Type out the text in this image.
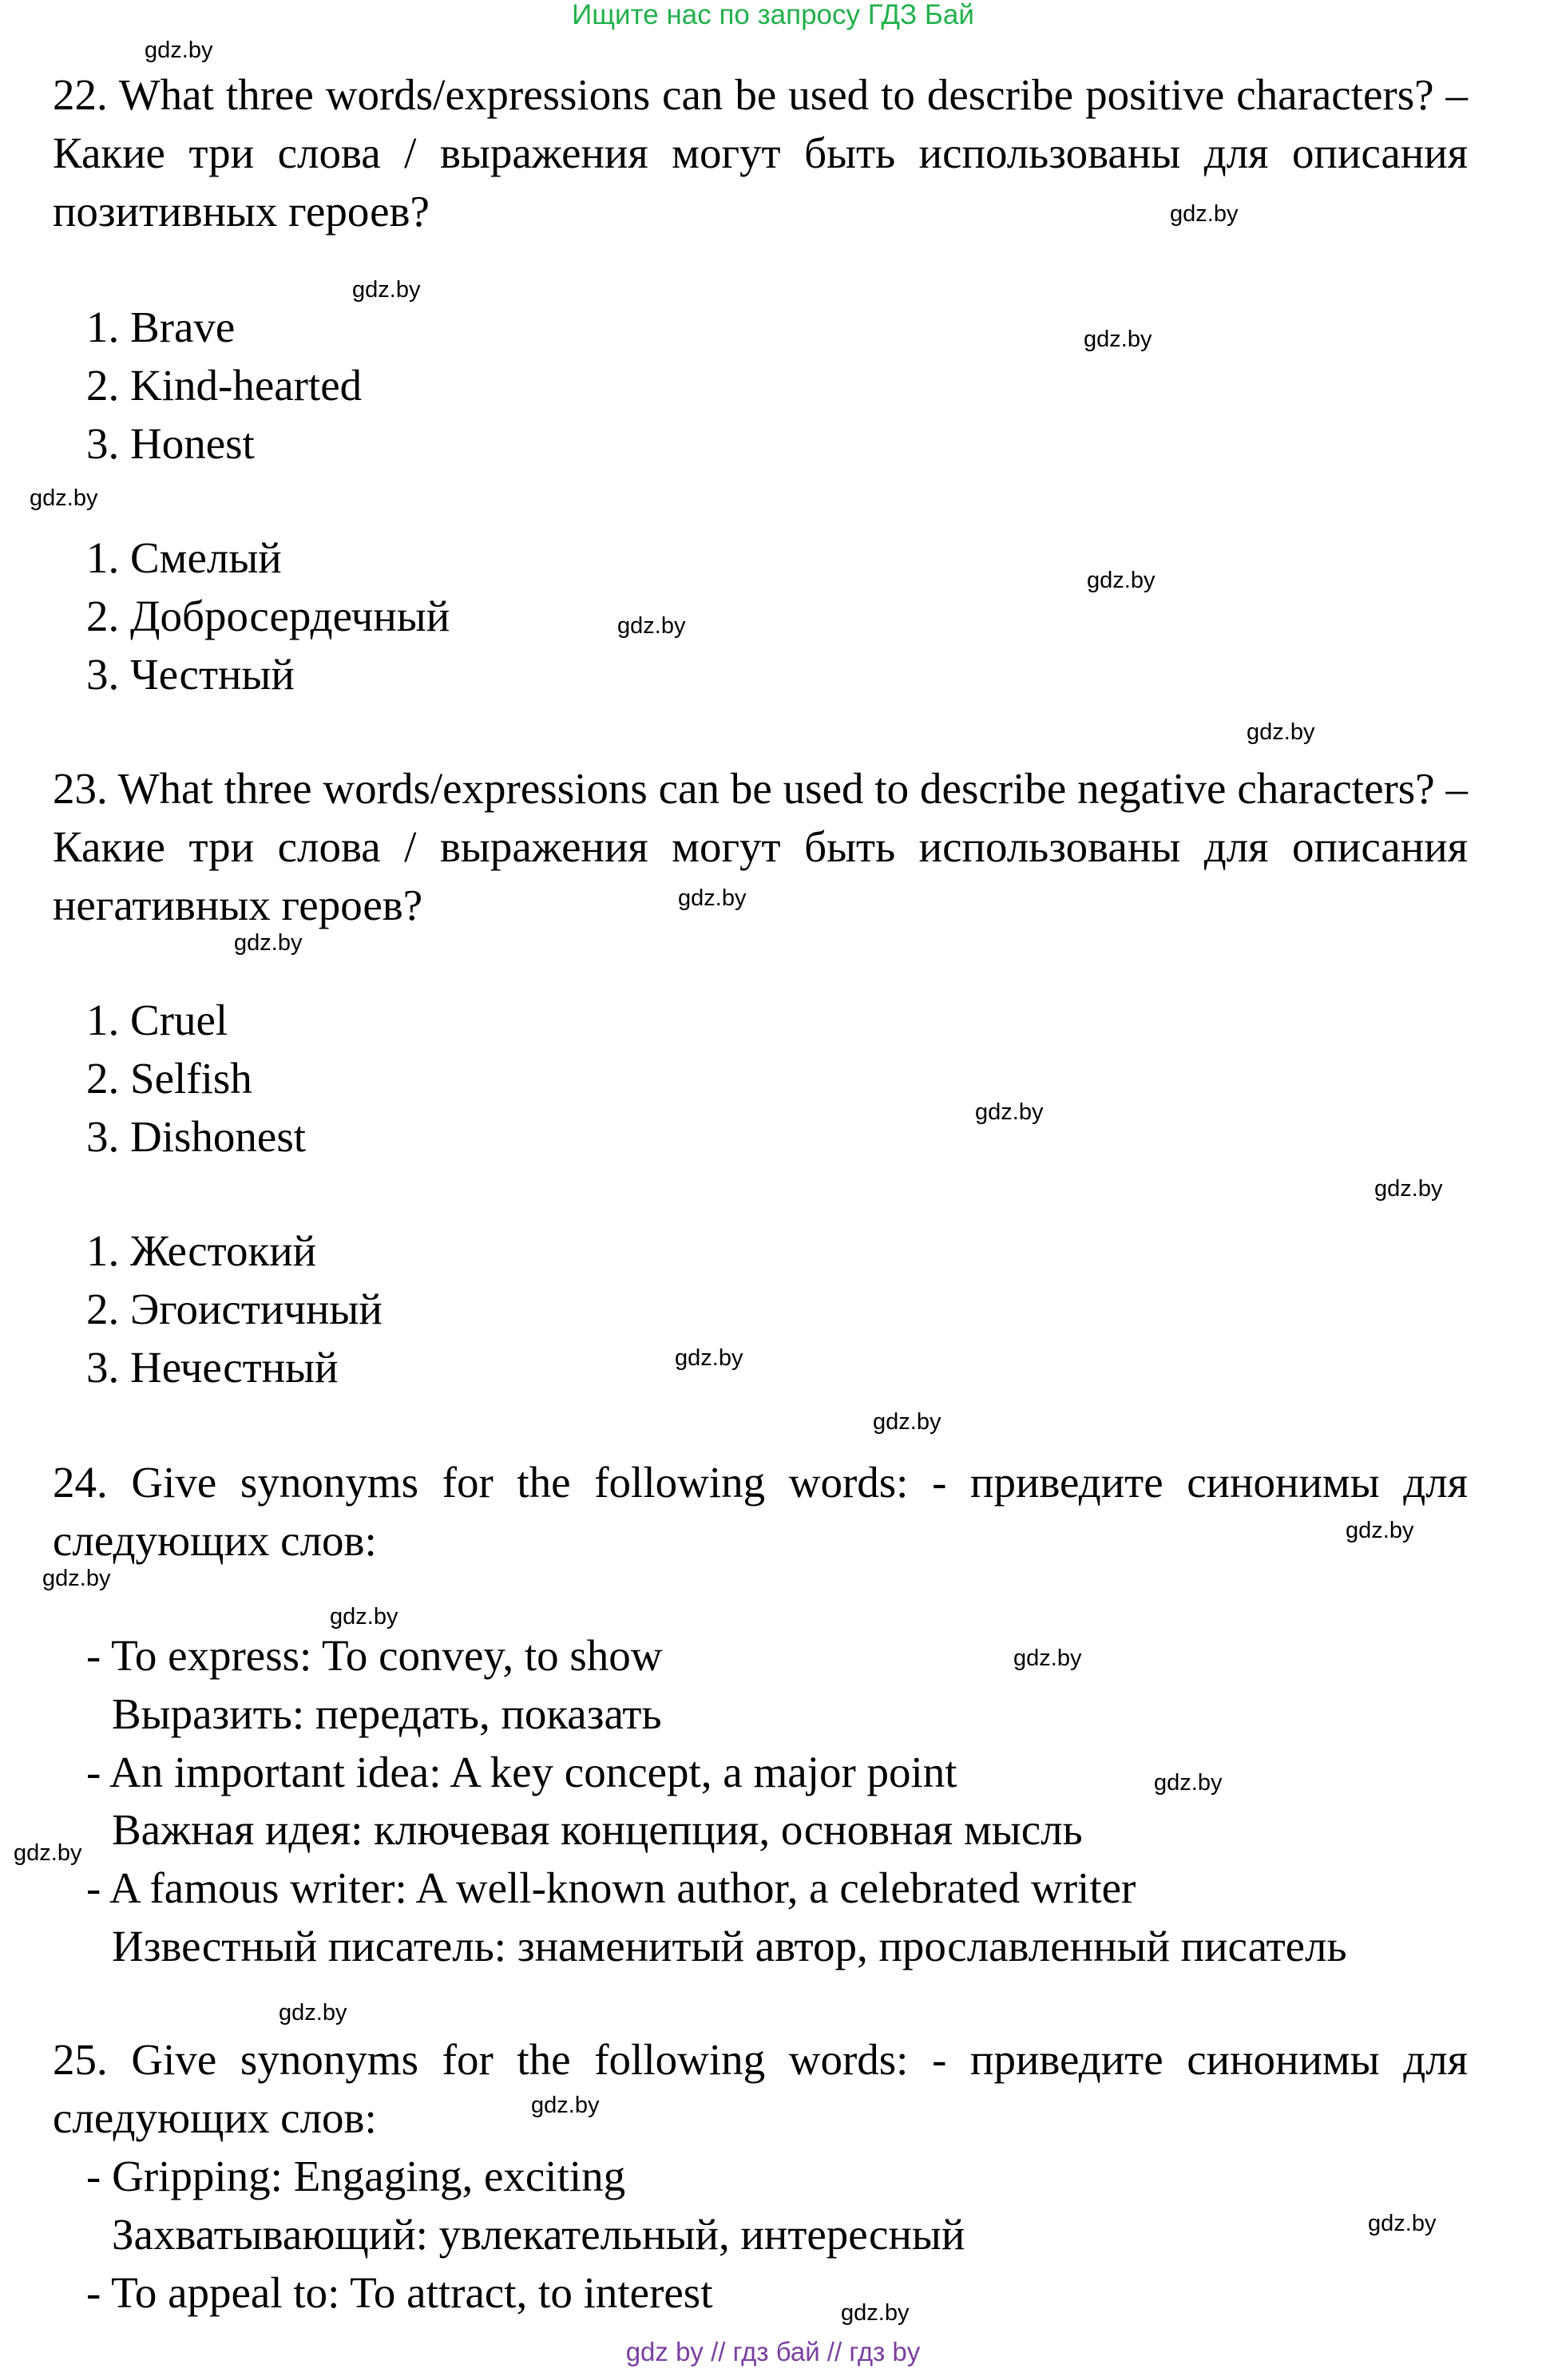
Ищите нас по запросу ГДЗ Бай
22. What three words/expressions can be used to describe positive characters? – Какие три слова / выражения могут быть использованы для описания позитивных героев?
1. Brave
2. Kind-hearted
3. Honest
1. Смелый
2. Добросердечный
3. Честный
23. What three words/expressions can be used to describe negative characters? – Какие три слова / выражения могут быть использованы для описания негативных героев?
1. Cruel
2. Selfish
3. Dishonest
1. Жестокий
2. Эгоистичный
3. Нечестный
24. Give synonyms for the following words: - приведите синонимы для следующих слов:
- To express: To convey, to show
Выразить: передать, показать
- An important idea: A key concept, a major point
Важная идея: ключевая концепция, основная мысль
- A famous writer: A well-known author, a celebrated writer
Известный писатель: знаменитый автор, прославленный писатель
25. Give synonyms for the following words: - приведите синонимы для следующих слов:
- Gripping: Engaging, exciting
Захватывающий: увлекательный, интересный
- To appeal to: To attract, to interest
gdz.by
gdz.by
gdz.by
gdz.by
gdz.by
gdz.by
gdz.by
gdz.by
gdz.by
gdz.by
gdz.by
gdz.by
gdz.by
gdz.by
gdz.by
gdz.by
gdz.by
gdz.by
gdz.by
gdz.by
gdz.by
gdz.by
gdz.by
gdz.by
gdz by // гдз бай // гдз by
